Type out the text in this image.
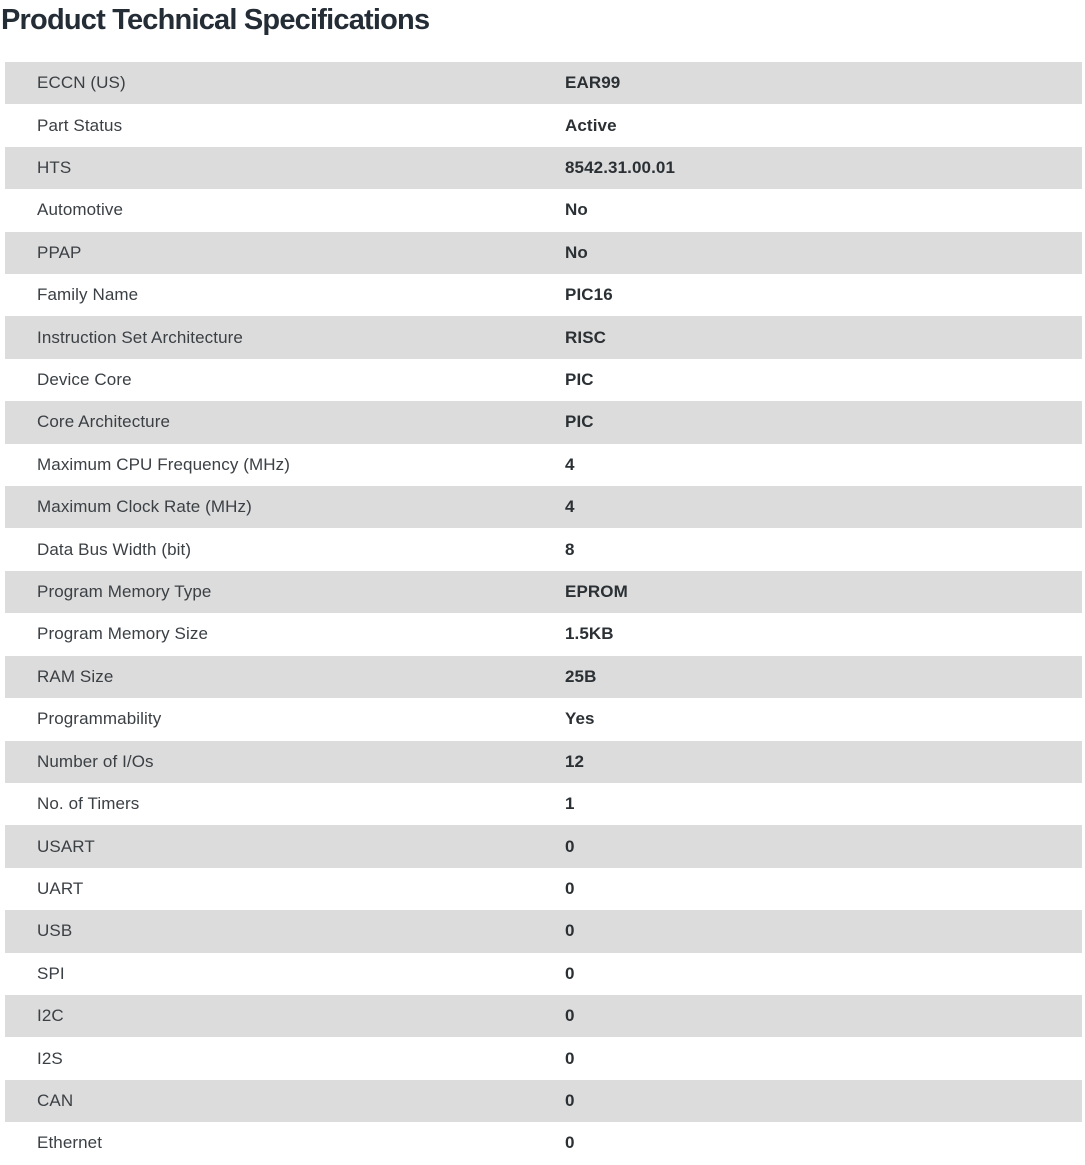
Product Technical Specifications
ECCN (US)	EAR99
Part Status	Active
HTS	8542.31.00.01
Automotive	No
PPAP	No
Family Name	PIC16
Instruction Set Architecture	RISC
Device Core	PIC
Core Architecture	PIC
Maximum CPU Frequency (MHz)	4
Maximum Clock Rate (MHz)	4
Data Bus Width (bit)	8
Program Memory Type	EPROM
Program Memory Size	1.5KB
RAM Size	25B
Programmability	Yes
Number of I/Os	12
No. of Timers	1
USART	0
UART	0
USB	0
SPI	0
I2C	0
I2S	0
CAN	0
Ethernet	0
